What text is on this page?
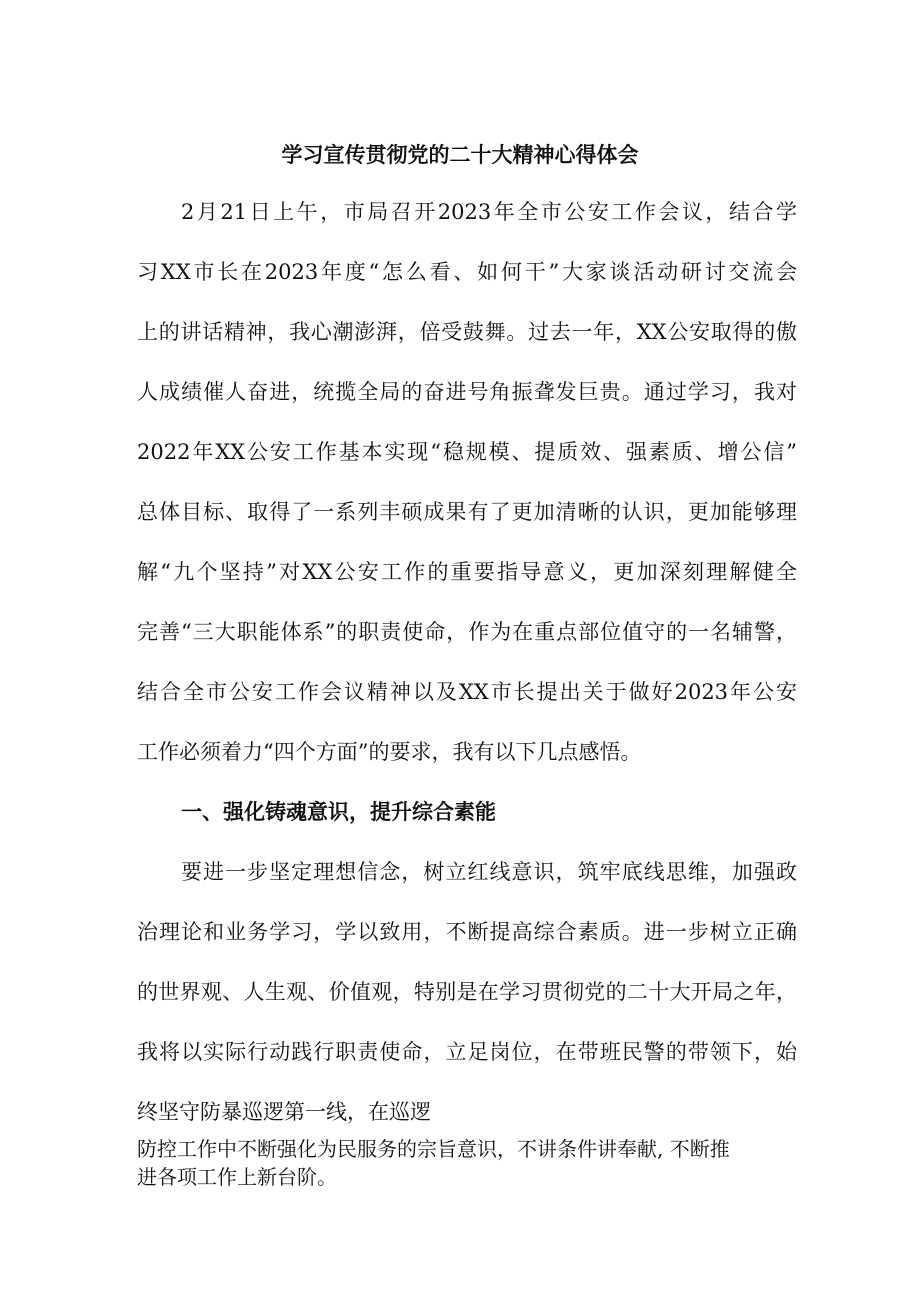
学习宣传贯彻党的二十大精神心得体会
2月21日上午，市局召开2023年全市公安工作会议，结合学
习XX市长在2023年度“怎么看、如何干”大家谈活动研讨交流会
上的讲话精神，我心潮澎湃，倍受鼓舞。过去一年，XX公安取得的傲
人成绩催人奋进，统揽全局的奋进号角振聋发巨贵。通过学习，我对
2022年XX公安工作基本实现“稳规模、提质效、强素质、增公信”
总体目标、取得了一系列丰硕成果有了更加清晰的认识，更加能够理
解“九个坚持”对XX公安工作的重要指导意义，更加深刻理解健全
完善“三大职能体系”的职责使命，作为在重点部位值守的一名辅警，
结合全市公安工作会议精神以及XX市长提出关于做好2023年公安
工作必须着力“四个方面”的要求，我有以下几点感悟。
一、强化铸魂意识，提升综合素能
要进一步坚定理想信念，树立红线意识，筑牢底线思维，加强政
治理论和业务学习，学以致用，不断提高综合素质。进一步树立正确
的世界观、人生观、价值观，特别是在学习贯彻党的二十大开局之年，
我将以实际行动践行职责使命，立足岗位，在带班民警的带领下，始
终坚守防暴巡逻第一线，在巡逻
防控工作中不断强化为民服务的宗旨意识，不讲条件讲奉献, 不断推
进各项工作上新台阶。
